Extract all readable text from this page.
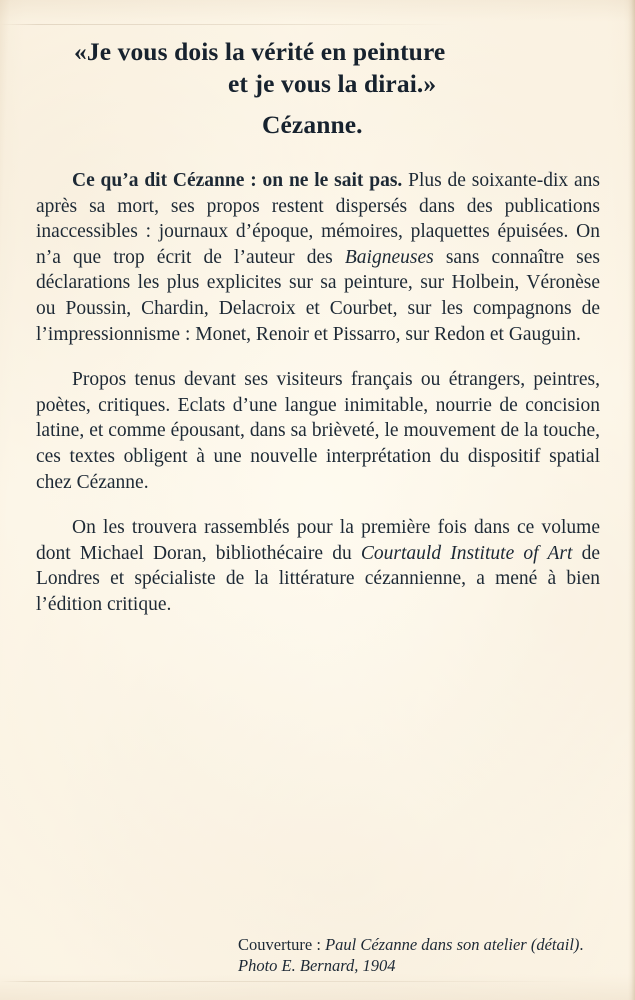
«Je vous dois la vérité en peinture
et je vous la dirai.»
Cézanne.

Ce qu’a dit Cézanne : on ne le sait pas. Plus de soixante-dix ans après sa mort, ses propos restent dispersés dans des publications inaccessibles : journaux d’époque, mémoires, plaquettes épuisées. On n’a que trop écrit de l’auteur des Baigneuses sans connaître ses déclarations les plus explicites sur sa peinture, sur Holbein, Véronèse ou Poussin, Chardin, Delacroix et Courbet, sur les compagnons de l’impressionnisme : Monet, Renoir et Pissarro, sur Redon et Gauguin.

Propos tenus devant ses visiteurs français ou étrangers, peintres, poètes, critiques. Eclats d’une langue inimitable, nourrie de concision latine, et comme épousant, dans sa brièveté, le mouvement de la touche, ces textes obligent à une nouvelle interprétation du dispositif spatial chez Cézanne.

On les trouvera rassemblés pour la première fois dans ce volume dont Michael Doran, bibliothécaire du Courtauld Institute of Art de Londres et spécialiste de la littérature cézannienne, a mené à bien l’édition critique.

Couverture : Paul Cézanne dans son atelier (détail).
Photo E. Bernard, 1904
